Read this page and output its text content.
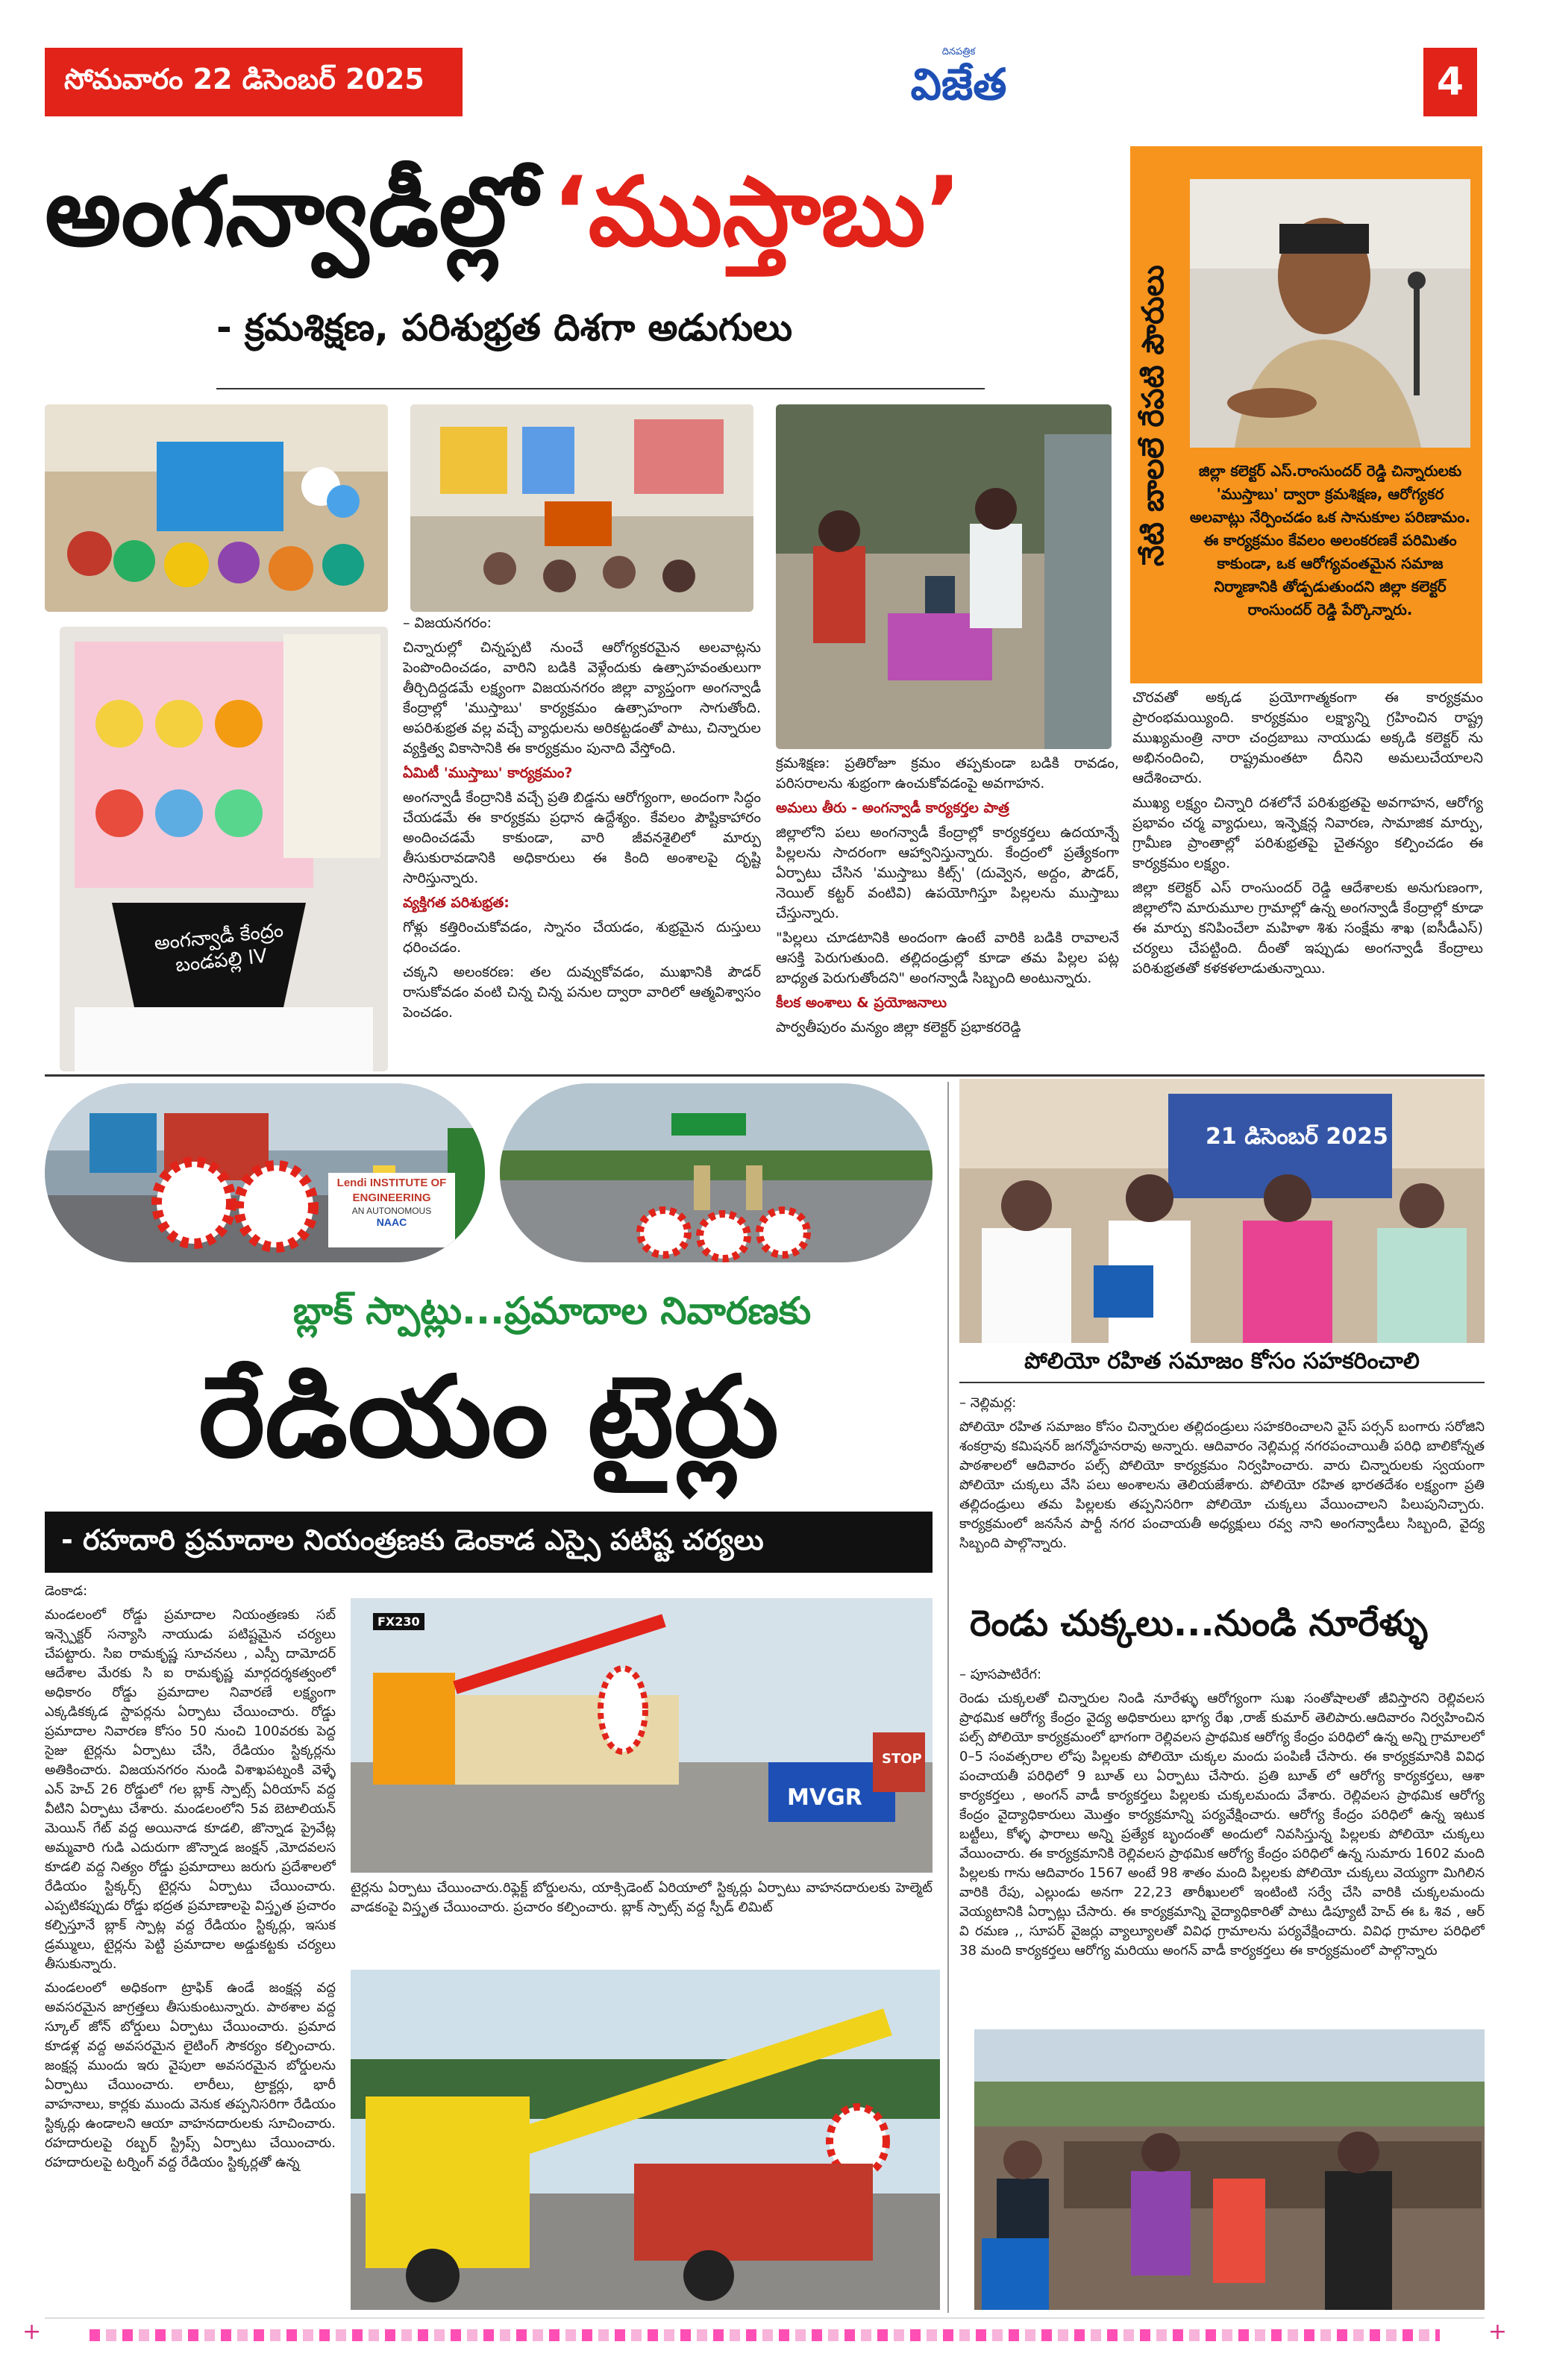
సోమవారం 22 డిసెంబర్ 2025
దినపత్రిక
విజేత	4
అంగన్వాడీల్లో ‘ముస్తాబు’
- క్రమశిక్షణ, పరిశుభ్రత దిశగా అడుగులు	నేటి బాలలే రేపటి పౌరులు	జిల్లా కలెక్టర్ ఎస్.రాంసుందర్ రెడ్డి చిన్నారులకు 'ముస్తాబు' ద్వారా క్రమశిక్షణ, ఆరోగ్యకర అలవాట్లు నేర్పించడం ఒక సానుకూల పరిణామం. ఈ కార్యక్రమం కేవలం అలంకరణకే పరిమితం కాకుండా, ఒక ఆరోగ్యవంతమైన సమాజ నిర్మాణానికి తోడ్పడుతుందని జిల్లా కలెక్టర్ రాంసుందర్ రెడ్డి పేర్కొన్నారు.
అంగన్వాడీ కేంద్రం బండపల్లి IV

– విజయనగరం:

చిన్నారుల్లో చిన్నప్పటి నుంచే ఆరోగ్యకరమైన అలవాట్లను పెంపొందించడం, వారిని బడికి వెళ్లేందుకు ఉత్సాహవంతులుగా తీర్చిదిద్దడమే లక్ష్యంగా విజయనగరం జిల్లా వ్యాప్తంగా అంగన్వాడీ కేంద్రాల్లో 'ముస్తాబు' కార్యక్రమం ఉత్సాహంగా సాగుతోంది. అపరిశుభ్రత వల్ల వచ్చే వ్యాధులను అరికట్టడంతో పాటు, చిన్నారుల వ్యక్తిత్వ వికాసానికి ఈ కార్యక్రమం పునాది వేస్తోంది.

ఏమిటీ 'ముస్తాబు' కార్యక్రమం?

అంగన్వాడీ కేంద్రానికి వచ్చే ప్రతి బిడ్డను ఆరోగ్యంగా, అందంగా సిద్ధం చేయడమే ఈ కార్యక్రమ ప్రధాన ఉద్దేశ్యం. కేవలం పౌష్టికాహారం అందించడమే కాకుండా, వారి జీవనశైలిలో మార్పు తీసుకురావడానికి అధికారులు ఈ కింది అంశాలపై దృష్టి సారిస్తున్నారు.

వ్యక్తిగత పరిశుభ్రత:

గోళ్లు కత్తిరించుకోవడం, స్నానం చేయడం, శుభ్రమైన దుస్తులు ధరించడం.

చక్కని అలంకరణ: తల దువ్వుకోవడం, ముఖానికి పౌడర్ రాసుకోవడం వంటి చిన్న చిన్న పనుల ద్వారా వారిలో ఆత్మవిశ్వాసం పెంచడం.

క్రమశిక్షణ: ప్రతిరోజూ క్రమం తప్పకుండా బడికి రావడం, పరిసరాలను శుభ్రంగా ఉంచుకోవడంపై అవగాహన.

అమలు తీరు - అంగన్వాడీ కార్యకర్తల పాత్ర

జిల్లాలోని పలు అంగన్వాడీ కేంద్రాల్లో కార్యకర్తలు ఉదయాన్నే పిల్లలను సాదరంగా ఆహ్వానిస్తున్నారు. కేంద్రంలో ప్రత్యేకంగా ఏర్పాటు చేసిన 'ముస్తాబు కిట్స్' (దువ్వెన, అద్దం, పౌడర్, నెయిల్ కట్టర్ వంటివి) ఉపయోగిస్తూ పిల్లలను ముస్తాబు చేస్తున్నారు.

"పిల్లలు చూడటానికి అందంగా ఉంటే వారికి బడికి రావాలనే ఆసక్తి పెరుగుతుంది. తల్లిదండ్రుల్లో కూడా తమ పిల్లల పట్ల బాధ్యత పెరుగుతోందని" అంగన్వాడీ సిబ్బంది అంటున్నారు.

కీలక అంశాలు & ప్రయోజనాలు

పార్వతీపురం మన్యం జిల్లా కలెక్టర్ ప్రభాకరరెడ్డి

చొరవతో అక్కడ ప్రయోగాత్మకంగా ఈ కార్యక్రమం ప్రారంభమయ్యింది. కార్యక్రమం లక్ష్యాన్ని గ్రహించిన రాష్ట్ర ముఖ్యమంత్రి నారా చంద్రబాబు నాయుడు అక్కడి కలెక్టర్ ను అభినందించి, రాష్ట్రమంతటా దీనిని అమలుచేయాలని ఆదేశించారు.

ముఖ్య లక్ష్యం చిన్నారి దశలోనే పరిశుభ్రతపై అవగాహన, ఆరోగ్య ప్రభావం చర్మ వ్యాధులు, ఇన్ఫెక్షన్ల నివారణ, సామాజిక మార్పు, గ్రామీణ ప్రాంతాల్లో పరిశుభ్రతపై చైతన్యం కల్పించడం ఈ కార్యక్రమం లక్ష్యం.

జిల్లా కలెక్టర్ ఎస్ రాంసుందర్ రెడ్డి ఆదేశాలకు అనుగుణంగా, జిల్లాలోని మారుమూల గ్రామాల్లో ఉన్న అంగన్వాడీ కేంద్రాల్లో కూడా ఈ మార్పు కనిపించేలా మహిళా శిశు సంక్షేమ శాఖ (ఐసీడీఎస్) చర్యలు చేపట్టింది. దీంతో ఇప్పుడు అంగన్వాడీ కేంద్రాలు పరిశుభ్రతతో కళకళలాడుతున్నాయి.

Lendi INSTITUTE OF ENGINEERING
AN AUTONOMOUS
NAAC
బ్లాక్ స్పాట్లు...ప్రమాదాల నివారణకు
రేడియం టైర్లు
- రహదారి ప్రమాదాల నియంత్రణకు డెంకాడ ఎస్సై పటిష్ట చర్యలు

డెంకాడ:

మండలంలో రోడ్డు ప్రమాదాల నియంత్రణకు సబ్ ఇన్స్పెక్టర్ సన్యాసి నాయుడు పటిష్టమైన చర్యలు చేపట్టారు. సిఐ రామకృష్ణ సూచనలు , ఎస్పీ దామోదర్ ఆదేశాల మేరకు సి ఐ రామకృష్ణ మార్గదర్శకత్వంలో అధికారం రోడ్డు ప్రమాదాల నివారణే లక్ష్యంగా ఎక్కడికక్కడ స్టాపర్లను ఏర్పాటు చేయించారు. రోడ్డు ప్రమాదాల నివారణ కోసం 50 నుంచి 100వరకు పెద్ద సైజు టైర్లను ఏర్పాటు చేసి, రేడియం స్టిక్కర్లను అతికించారు. విజయనగరం నుండి విశాఖపట్నంకి వెళ్ళే ఎన్ హెచ్ 26 రోడ్డులో గల బ్లాక్ స్పాట్స్ ఏరియాస్ వద్ద వీటిని ఏర్పాటు చేశారు. మండలంలోని 5వ బెటాలియన్ మెయిన్ గేట్ వద్ద అయినాడ కూడలి, జొన్నాడ ప్రైవేట్ల అమ్మవారి గుడి ఎదురుగా జొన్నాడ జంక్షన్ ,మోదవలస కూడలి వద్ద నిత్యం రోడ్డు ప్రమాదాలు జరుగు ప్రదేశాలలో రేడియం స్టిక్కర్స్ టైర్లను ఏర్పాటు చేయించారు. ఎప్పటికప్పుడు రోడ్డు భద్రత ప్రమాణాలపై విస్తృత ప్రచారం కల్పిస్తూనే బ్లాక్ స్పాట్ల వద్ద రేడియం స్టిక్కర్లు, ఇసుక డ్రమ్ములు, టైర్లను పెట్టి ప్రమాదాల అడ్డుకట్టకు చర్యలు తీసుకున్నారు.

మండలంలో అధికంగా ట్రాఫిక్ ఉండే జంక్షన్ల వద్ద అవసరమైన జాగ్రత్తలు తీసుకుంటున్నారు. పాఠశాల వద్ద స్కూల్ జోన్ బోర్డులు ఏర్పాటు చేయించారు. ప్రమాద కూడళ్ల వద్ద అవసరమైన లైటింగ్ సౌకర్యం కల్పించారు. జంక్షన్ల ముందు ఇరు వైపులా అవసరమైన బోర్డులను ఏర్పాటు చేయించారు. లారీలు, ట్రాక్టర్లు, భారీ వాహనాలు, కార్లకు ముందు వెనుక తప్పనిసరిగా రేడియం స్టిక్కర్లు ఉండాలని ఆయా వాహనదారులకు సూచించారు. రహదారులపై రబ్బర్ స్ట్రిప్స్ ఏర్పాటు చేయించారు. రహదారులపై టర్నింగ్ వద్ద రేడియం స్టిక్కర్లతో ఉన్న

FX230
MVGR
STOP
టైర్లను ఏర్పాటు చేయించారు.రిఫ్లెక్ట్ బోర్డులను, యాక్సిడెంట్ ఏరియాలో స్టిక్కర్లు ఏర్పాటు వాహనదారులకు హెల్మెట్ వాడకంపై విస్తృత చేయించారు. ప్రచారం కల్పించారు. బ్లాక్ స్పాట్స్ వద్ద స్పీడ్ లిమిట్
21 డిసెంబర్ 2025
పోలియో రహిత సమాజం కోసం సహకరించాలి

– నెల్లిమర్ల:

పోలియో రహిత సమాజం కోసం చిన్నారుల తల్లిదండ్రులు సహకరించాలని వైస్ పర్సన్ బంగారు సరోజిని శంకర్రావు కమిషనర్ జగన్మోహనరావు అన్నారు. ఆదివారం నెల్లిమర్ల నగరపంచాయితీ పరిధి బాలికోన్నత పాఠశాలలో ఆదివారం పల్స్ పోలియో కార్యక్రమం నిర్వహించారు. వారు చిన్నారులకు స్వయంగా పోలియో చుక్కలు వేసి పలు అంశాలను తెలియజేశారు. పోలియో రహిత భారతదేశం లక్ష్యంగా ప్రతి తల్లిదండ్రులు తమ పిల్లలకు తప్పనిసరిగా పోలియో చుక్కలు వేయించాలని పిలుపునిచ్చారు. కార్యక్రమంలో జనసేన పార్టీ నగర పంచాయతీ అధ్యక్షులు రవ్వ నాని అంగన్వాడీలు సిబ్బంది, వైద్య సిబ్బంది పాల్గొన్నారు.

రెండు చుక్కలు...నుండి నూరేళ్ళు

– పూసపాటిరేగ:

రెండు చుక్కలతో చిన్నారుల నిండి నూరేళ్ళు ఆరోగ్యంగా సుఖ సంతోషాలతో జీవిస్తారని రెల్లివలస ప్రాథమిక ఆరోగ్య కేంద్రం వైద్య అధికారులు భాగ్య రేఖ ,రాజ్ కుమార్ తెలిపారు.ఆదివారం నిర్వహించిన పల్స్ పోలియో కార్యక్రమంలో భాగంగా రెల్లివలస ప్రాథమిక ఆరోగ్య కేంద్రం పరిధిలో ఉన్న అన్ని గ్రామాలలో 0–5 సంవత్సరాల లోపు పిల్లలకు పోలియో చుక్కల మందు పంపిణీ చేసారు. ఈ కార్యక్రమానికి వివిధ పంచాయతీ పరిధిలో 9 బూత్ లు ఏర్పాటు చేసారు. ప్రతి బూత్ లో ఆరోగ్య కార్యకర్తలు, ఆశా కార్యకర్తలు , అంగన్ వాడీ కార్యకర్తలు పిల్లలకు చుక్కలమందు వేశారు. రెల్లివలస ప్రాథమిక ఆరోగ్య కేంద్రం వైద్యాధికారులు మొత్తం కార్యక్రమాన్ని పర్యవేక్షించారు. ఆరోగ్య కేంద్రం పరిధిలో ఉన్న ఇటుక బట్టీలు, కోళ్ళ ఫారాలు అన్ని ప్రత్యేక బృందంతో అందులో నివసిస్తున్న పిల్లలకు పోలియో చుక్కలు వేయించారు. ఈ కార్యక్రమానికి రెల్లివలస ప్రాథమిక ఆరోగ్య కేంద్రం పరిధిలో ఉన్న సుమారు 1602 మంది పిల్లలకు గాను ఆదివారం 1567 అంటే 98 శాతం మంది పిల్లలకు పోలియో చుక్కలు వెయ్యగా మిగిలిన వారికి రేపు, ఎల్లుండు అనగా 22,23 తారీఖులలో ఇంటింటి సర్వే చేసి వారికి చుక్కలమందు వెయ్యటానికి ఏర్పాట్లు చేసారు. ఈ కార్యక్రమాన్ని వైద్యాధికారితో పాటు డిప్యూటీ హెచ్ ఈ ఓ శివ , ఆర్ వి రమణ ,, సూపర్ వైజర్లు వ్యాల్యూలతో వివిధ గ్రామాలను పర్యవేక్షించారు. వివిధ గ్రామాల పరిధిలో 38 మంది కార్యకర్తలు ఆరోగ్య మరియు అంగన్ వాడీ కార్యకర్తలు ఈ కార్యక్రమంలో పాల్గొన్నారు

+	+
